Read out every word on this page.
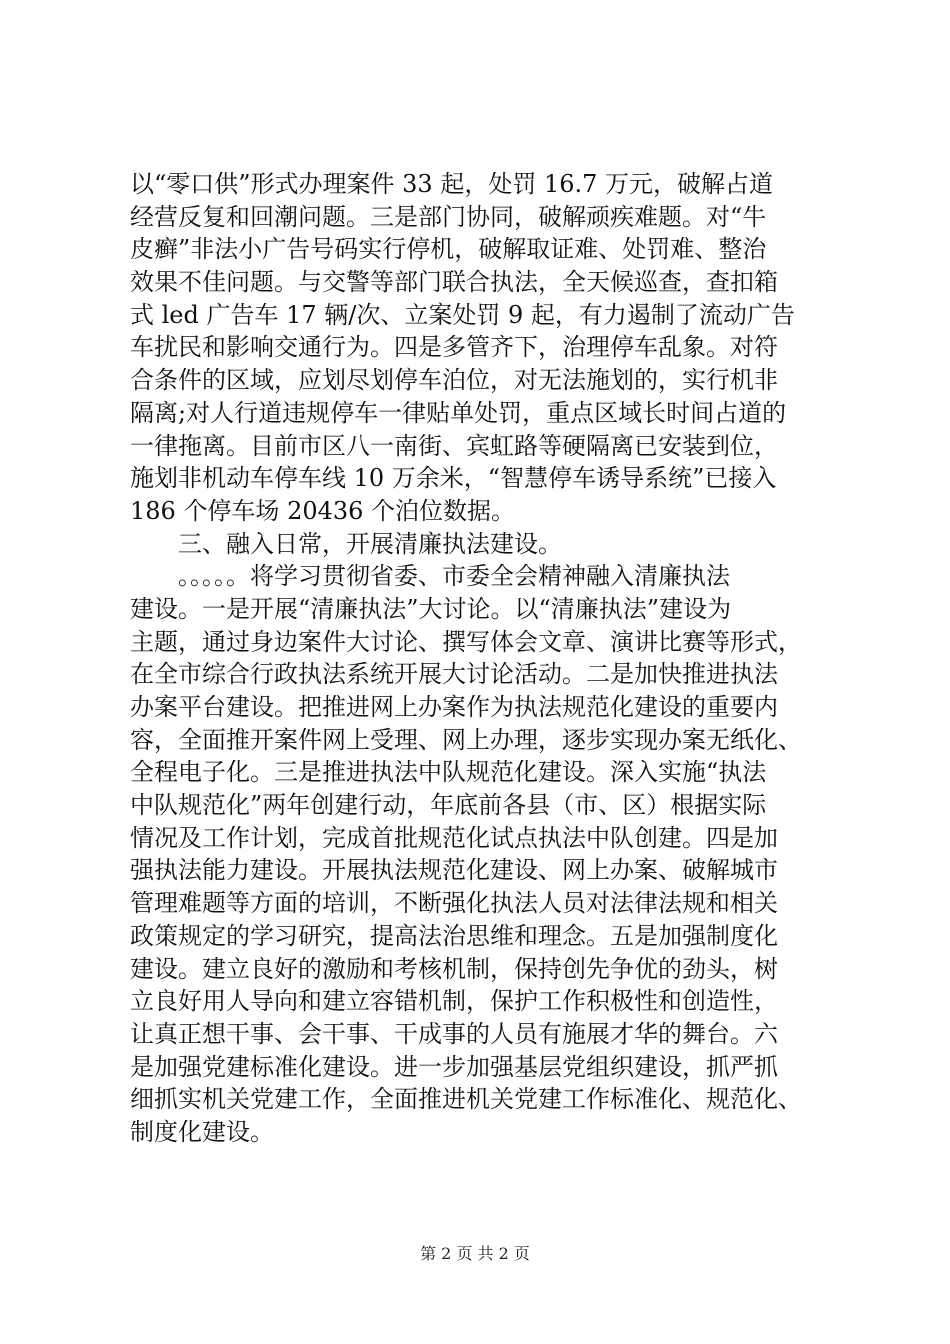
以“零口供”形式办理案件 33 起，处罚 16.7 万元，破解占道
经营反复和回潮问题。三是部门协同，破解顽疾难题。对“牛
皮癣”非法小广告号码实行停机，破解取证难、处罚难、整治
效果不佳问题。与交警等部门联合执法，全天候巡查，查扣箱
式 led 广告车 17 辆/次、立案处罚 9 起，有力遏制了流动广告
车扰民和影响交通行为。四是多管齐下，治理停车乱象。对符
合条件的区域，应划尽划停车泊位，对无法施划的，实行机非
隔离;对人行道违规停车一律贴单处罚，重点区域长时间占道的
一律拖离。目前市区八一南街、宾虹路等硬隔离已安装到位，
施划非机动车停车线 10 万余米，“智慧停车诱导系统”已接入
186 个停车场 20436 个泊位数据。
三、融入日常，开展清廉执法建设。
。。。。。将学习贯彻省委、市委全会精神融入清廉执法
建设。一是开展“清廉执法”大讨论。以“清廉执法”建设为
主题，通过身边案件大讨论、撰写体会文章、演讲比赛等形式，
在全市综合行政执法系统开展大讨论活动。二是加快推进执法
办案平台建设。把推进网上办案作为执法规范化建设的重要内
容，全面推开案件网上受理、网上办理，逐步实现办案无纸化、
全程电子化。三是推进执法中队规范化建设。深入实施“执法
中队规范化”两年创建行动，年底前各县（市、区）根据实际
情况及工作计划，完成首批规范化试点执法中队创建。四是加
强执法能力建设。开展执法规范化建设、网上办案、破解城市
管理难题等方面的培训，不断强化执法人员对法律法规和相关
政策规定的学习研究，提高法治思维和理念。五是加强制度化
建设。建立良好的激励和考核机制，保持创先争优的劲头，树
立良好用人导向和建立容错机制，保护工作积极性和创造性，
让真正想干事、会干事、干成事的人员有施展才华的舞台。六
是加强党建标准化建设。进一步加强基层党组织建设，抓严抓
细抓实机关党建工作，全面推进机关党建工作标准化、规范化、
制度化建设。
第 2 页 共 2 页
